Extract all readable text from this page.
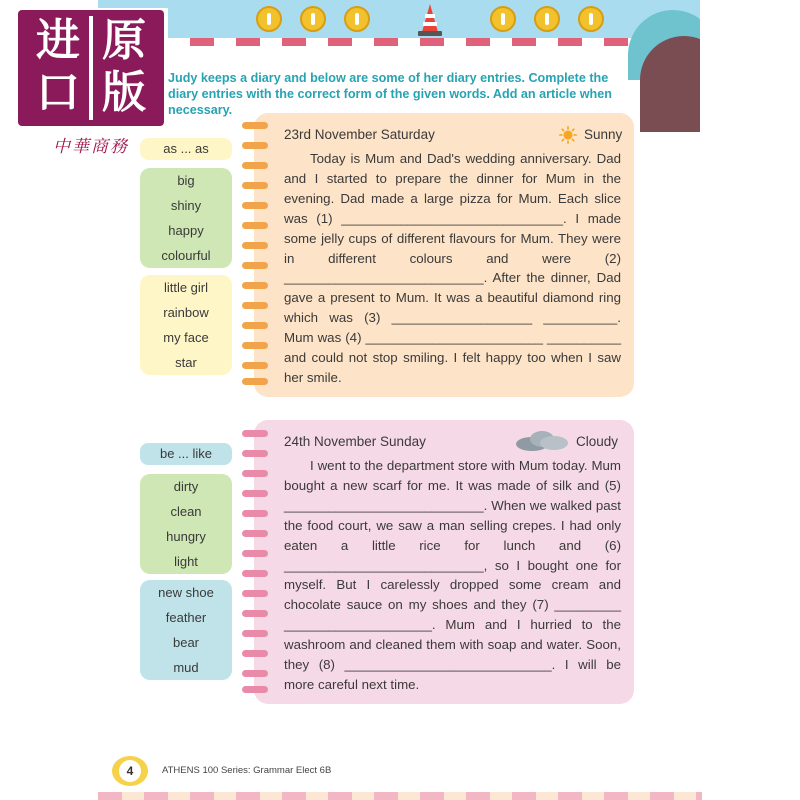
进 原
口 版
中華商務
Judy keeps a diary and below are some of her diary entries. Complete the diary entries with the correct form of the given words. Add an article when necessary.
as ... as
big
shiny
happy
colourful
little girl
rainbow
my face
star
23rd November Saturday	Sunny
Today is Mum and Dad's wedding anniversary. Dad and I started to prepare the dinner for Mum in the evening. Dad made a large pizza for Mum. Each slice was (1) ______________________________. I made some jelly cups of different flavours for Mum. They were in different colours and were (2) ___________________________. After the dinner, Dad gave a present to Mum. It was a beautiful diamond ring which was (3) ___________________ __________. Mum was (4) ________________________ __________ and could not stop smiling. I felt happy too when I saw her smile.
be ... like
dirty
clean
hungry
light
new shoe
feather
bear
mud
24th November Sunday	Cloudy
I went to the department store with Mum today. Mum bought a new scarf for me. It was made of silk and (5) ___________________________. When we walked past the food court, we saw a man selling crepes. I had only eaten a little rice for lunch and (6) ___________________________, so I bought one for myself. But I carelessly dropped some cream and chocolate sauce on my shoes and they (7) _________ ____________________. Mum and I hurried to the washroom and cleaned them with soap and water. Soon, they (8) ____________________________. I will be more careful next time.
4	ATHENS 100 Series: Grammar Elect 6B
